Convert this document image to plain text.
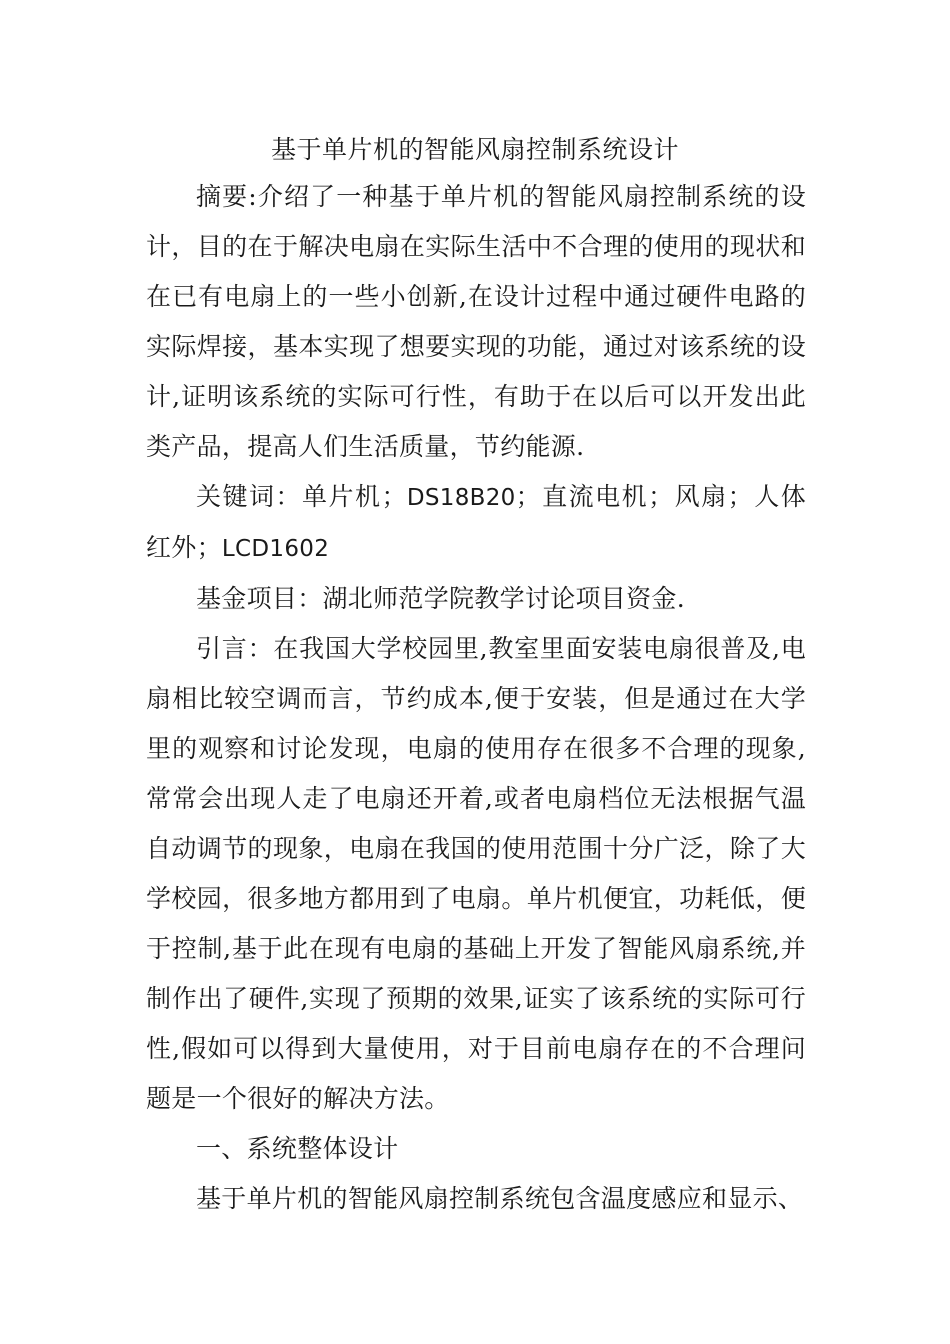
基于单片机的智能风扇控制系统设计

摘要:介绍了一种基于单片机的智能风扇控制系统的设计，目的在于解决电扇在实际生活中不合理的使用的现状和在已有电扇上的一些小创新,在设计过程中通过硬件电路的实际焊接，基本实现了想要实现的功能，通过对该系统的设计,证明该系统的实际可行性，有助于在以后可以开发出此类产品，提高人们生活质量，节约能源.

关键词：单片机；DS18B20；直流电机；风扇；人体红外；LCD1602

基金项目：湖北师范学院教学讨论项目资金.

引言：在我国大学校园里,教室里面安装电扇很普及,电扇相比较空调而言，节约成本,便于安装，但是通过在大学里的观察和讨论发现，电扇的使用存在很多不合理的现象,常常会出现人走了电扇还开着,或者电扇档位无法根据气温自动调节的现象，电扇在我国的使用范围十分广泛，除了大学校园，很多地方都用到了电扇。单片机便宜，功耗低，便于控制,基于此在现有电扇的基础上开发了智能风扇系统,并制作出了硬件,实现了预期的效果,证实了该系统的实际可行性,假如可以得到大量使用，对于目前电扇存在的不合理问题是一个很好的解决方法。

一、系统整体设计

基于单片机的智能风扇控制系统包含温度感应和显示、
